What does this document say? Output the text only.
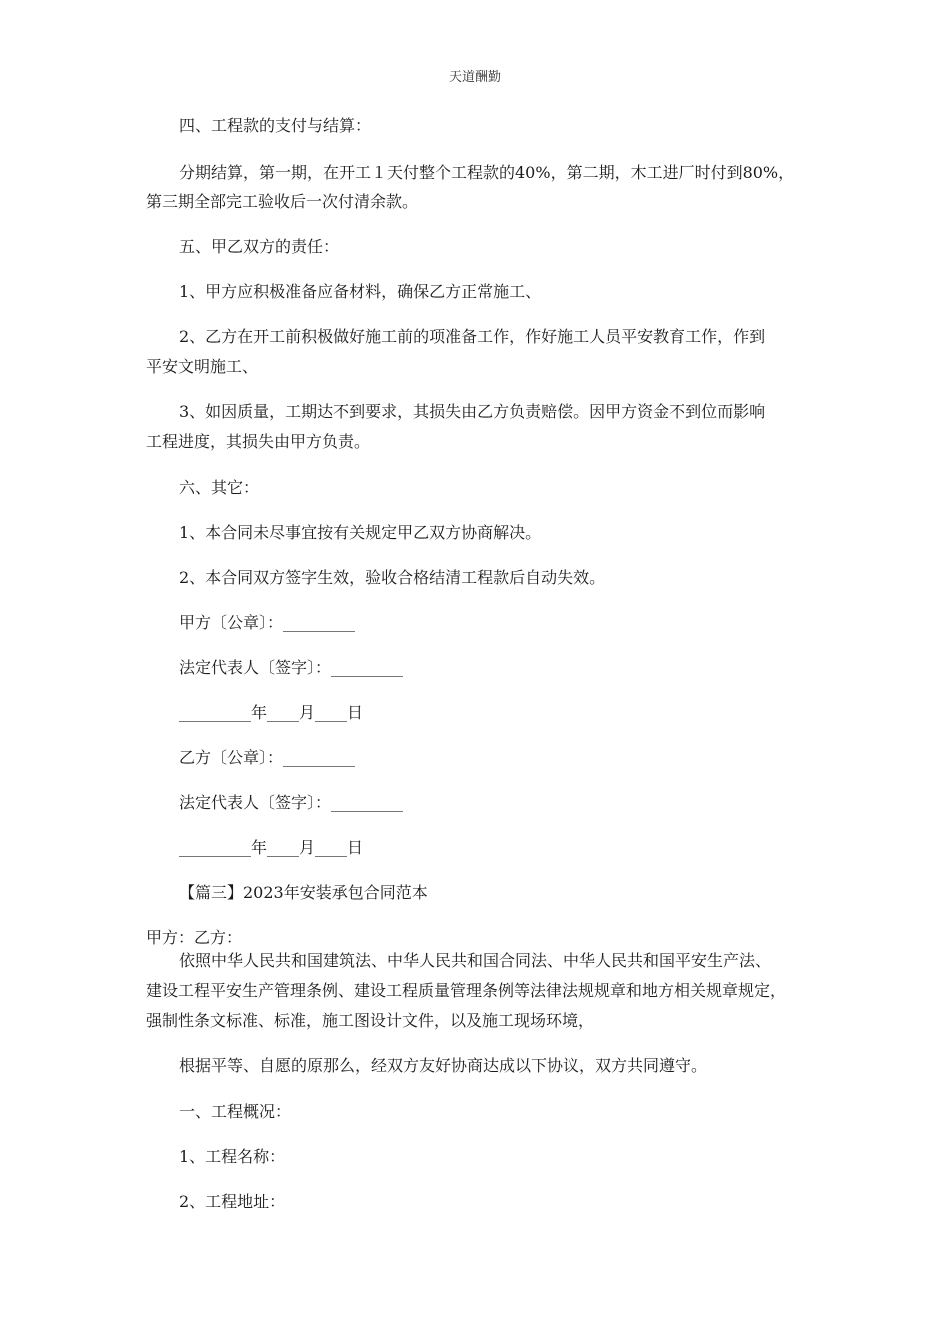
天道酬勤
四、工程款的支付与结算：
分期结算，第一期，在开工１天付整个工程款的40%，第二期，木工进厂时付到80%，
第三期全部完工验收后一次付清余款。
五、甲乙双方的责任：
1、甲方应积极准备应备材料，确保乙方正常施工、
2、乙方在开工前积极做好施工前的项准备工作，作好施工人员平安教育工作，作到
平安文明施工、
3、如因质量，工期达不到要求，其损失由乙方负责赔偿。因甲方资金不到位而影响
工程进度，其损失由甲方负责。
六、其它：
1、本合同未尽事宜按有关规定甲乙双方协商解决。
2、本合同双方签字生效，验收合格结清工程款后自动失效。
甲方〔公章〕：_________
法定代表人〔签字〕：_________
_________年____月____日
乙方〔公章〕：_________
法定代表人〔签字〕：_________
_________年____月____日
【篇三】2023年安装承包合同范本
甲方：乙方：
依照中华人民共和国建筑法、中华人民共和国合同法、中华人民共和国平安生产法、
建设工程平安生产管理条例、建设工程质量管理条例等法律法规规章和地方相关规章规定，
强制性条文标准、标准，施工图设计文件，以及施工现场环境，
根据平等、自愿的原那么，经双方友好协商达成以下协议，双方共同遵守。
一、工程概况：
1、工程名称：
2、工程地址：
